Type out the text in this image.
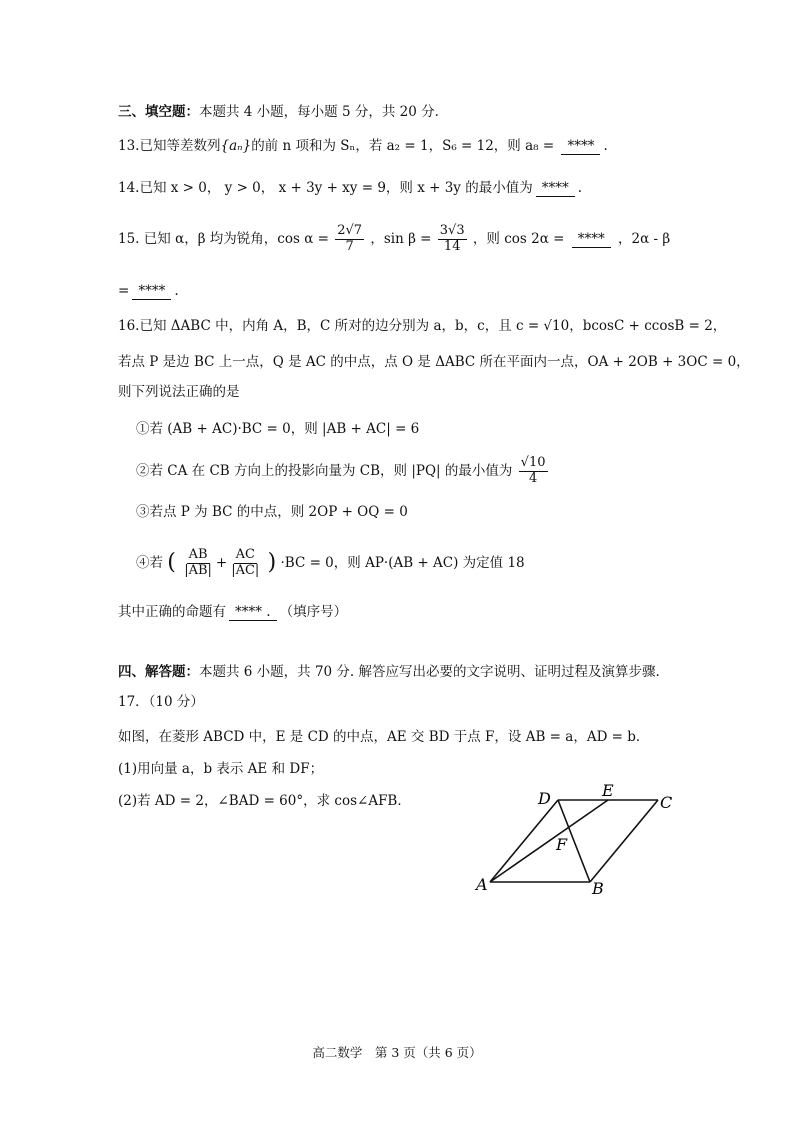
三、填空题：本题共 4 小题，每小题 5 分，共 20 分.
13.已知等差数列{aₙ}的前 n 项和为 Sₙ，若 a₂ = 1，S₆ = 12，则 a₈ = **** .
14.已知 x > 0， y > 0， x + 3y + xy = 9，则 x + 3y 的最小值为 **** .
15. 已知 α，β 均为锐角，$\cos \alpha = \frac{2√7}{7}$ ，$\sin \beta = \frac{3√3}{14}$ ，则 cos 2α = **** ，2α - β
= **** .
16.已知 ΔABC 中，内角 A，B，C 所对的边分别为 a，b，c，且 c = √10，bcosC + ccosB = 2，
若点 P 是边 BC 上一点，Q 是 AC 的中点，点 O 是 ΔABC 所在平面内一点，OA + 2OB + 3OC = 0，
则下列说法正确的是
①若 (AB + AC)·BC = 0，则 |AB + AC| = 6
②若 CA 在 CB 方向上的投影向量为 CB，则 |PQ| 的最小值为 $\frac{√10}{4}$
③若点 P 为 BC 的中点，则 2OP + OQ = 0
④若 ( $\frac{AB}{|AB|} + \frac{AC}{|AC|}$ ) ·BC = 0，则 AP·(AB + AC) 为定值 18
其中正确的命题有 **** . （填序号）
四、解答题：本题共 6 小题，共 70 分. 解答应写出必要的文字说明、证明过程及演算步骤.
17．（10 分）
如图，在菱形 ABCD 中，E 是 CD 的中点，AE 交 BD 于点 F，设 AB = a，AD = b．
(1)用向量 a，b 表示 AE 和 DF；
(2)若 AD = 2，∠BAD = 60°，求 cos∠AFB．
A	B
C
D	E
F
高二数学　第 3 页（共 6 页）
